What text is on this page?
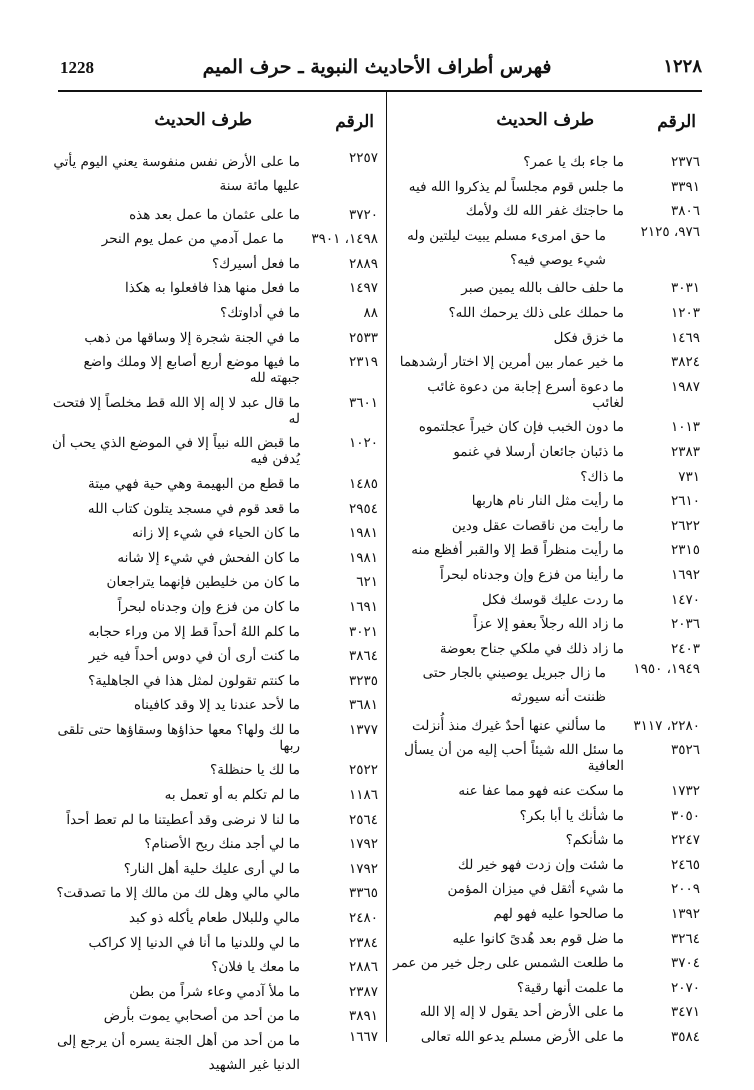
1228	فهرس أطراف الأحاديث النبوية ـ حرف الميم	١٢٢٨
الرقم
طرف الحديث
٢٣٧٦
ما جاء بك يا عمر؟
٣٣٩١
ما جلس قوم مجلساً لم يذكروا الله فيه
٣٨٠٦
ما حاجتك غفر الله لك ولأمك
٩٧٦، ٢١٢٥
ما حق امرىء مسلم يبيت ليلتين وله شيء يوصي فيه؟
٣٠٣١
ما حلف حالف بالله يمين صبر
١٢٠٣
ما حملك على ذلك يرحمك الله؟
١٤٦٩
ما خزق فكل
٣٨٢٤
ما خير عمار بين أمرين إلا اختار أرشدهما
١٩٨٧
ما دعوة أسرع إجابة من دعوة غائب لغائب
١٠١٣
ما دون الخبب فإن كان خيراً عجلتموه
٢٣٨٣
ما ذئبان جائعان أرسلا في غنمو
٧٣١
ما ذاك؟
٢٦١٠
ما رأيت مثل النار نام هاربها
٢٦٢٢
ما رأيت من ناقصات عقل ودين
٢٣١٥
ما رأيت منظراً قط إلا والقبر أفظع منه
١٦٩٢
ما رأينا من فزع وإن وجدناه لبحراً
١٤٧٠
ما ردت عليك قوسك فكل
٢٠٣٦
ما زاد الله رجلاً بعفو إلا عزاً
٢٤٠٣
ما زاد ذلك في ملكي جناح بعوضة
١٩٤٩، ١٩٥٠
ما زال جبريل يوصيني بالجار حتى ظننت أنه سيورثه
٢٢٨٠، ٣١١٧
ما سألني عنها أحدٌ غيرك منذ أُنزلت
٣٥٢٦
ما سئل الله شيئاً أحب إليه من أن يسأل العافية
١٧٣٢
ما سكت عنه فهو مما عفا عنه
٣٠٥٠
ما شأنك يا أبا بكر؟
٢٢٤٧
ما شأنكم؟
٢٤٦٥
ما شئت وإن زدت فهو خير لك
٢٠٠٩
ما شيء أثقل في ميزان المؤمن
١٣٩٢
ما صالحوا عليه فهو لهم
٣٢٦٤
ما ضل قوم بعد هُدىً كانوا عليه
٣٧٠٤
ما طلعت الشمس على رجل خير من عمر
٢٠٧٠
ما علمت أنها رقية؟
٣٤٧١
ما على الأرض أحد يقول لا إله إلا الله
٣٥٨٤
ما على الأرض مسلم يدعو الله تعالى
الرقم
طرف الحديث
٢٢٥٧
ما على الأرض نفس منفوسة يعني اليوم يأتي عليها مائة سنة
٣٧٢٠
ما على عثمان ما عمل بعد هذه
١٤٩٨، ٣٩٠١
ما عمل آدمي من عمل يوم النحر
٢٨٨٩
ما فعل أسيرك؟
١٤٩٧
ما فعل منها هذا فافعلوا به هكذا
٨٨
ما في أداوتك؟
٢٥٣٣
ما في الجنة شجرة إلا وساقها من ذهب
٢٣١٩
ما فيها موضع أربع أصابع إلا وملك واضع جبهته لله
٣٦٠١
ما قال عبد لا إله إلا الله قط مخلصاً إلا فتحت له
١٠٢٠
ما قبض الله نبياً إلا في الموضع الذي يحب أن يُدفن فيه
١٤٨٥
ما قطع من البهيمة وهي حية فهي ميتة
٢٩٥٤
ما قعد قوم في مسجد يتلون كتاب الله
١٩٨١
ما كان الحياء في شيء إلا زانه
١٩٨١
ما كان الفحش في شيء إلا شانه
٦٢١
ما كان من خليطين فإنهما يتراجعان
١٦٩١
ما كان من فزع وإن وجدناه لبحراً
٣٠٢١
ما كلم اللهُ أحداً قط إلا من وراء حجابه
٣٨٦٤
ما كنت أرى أن في دوس أحداً فيه خير
٣٢٣٥
ما كنتم تقولون لمثل هذا في الجاهلية؟
٣٦٨١
ما لأحد عندنا يد إلا وقد كافيناه
١٣٧٧
ما لك ولها؟ معها حذاؤها وسقاؤها حتى تلقى ربها
٢٥٢٢
ما لك يا حنظلة؟
١١٨٦
ما لم تكلم به أو تعمل به
٢٥٦٤
ما لنا لا نرضى وقد أعطيتنا ما لم تعط أحداً
١٧٩٢
ما لي أجد منك ريح الأصنام؟
١٧٩٢
ما لي أرى عليك حلية أهل النار؟
٣٣٦٥
مالي مالي وهل لك من مالك إلا ما تصدقت؟
٢٤٨٠
مالي وللبلال طعام يأكله ذو كبد
٢٣٨٤
ما لي وللدنيا ما أنا في الدنيا إلا كراكب
٢٨٨٦
ما معك يا فلان؟
٢٣٨٧
ما ملأ آدمي وعاء شراً من بطن
٣٨٩١
ما من أحد من أصحابي يموت بأرض
١٦٦٧
ما من أحد من أهل الجنة يسره أن يرجع إلى الدنيا غير الشهيد
